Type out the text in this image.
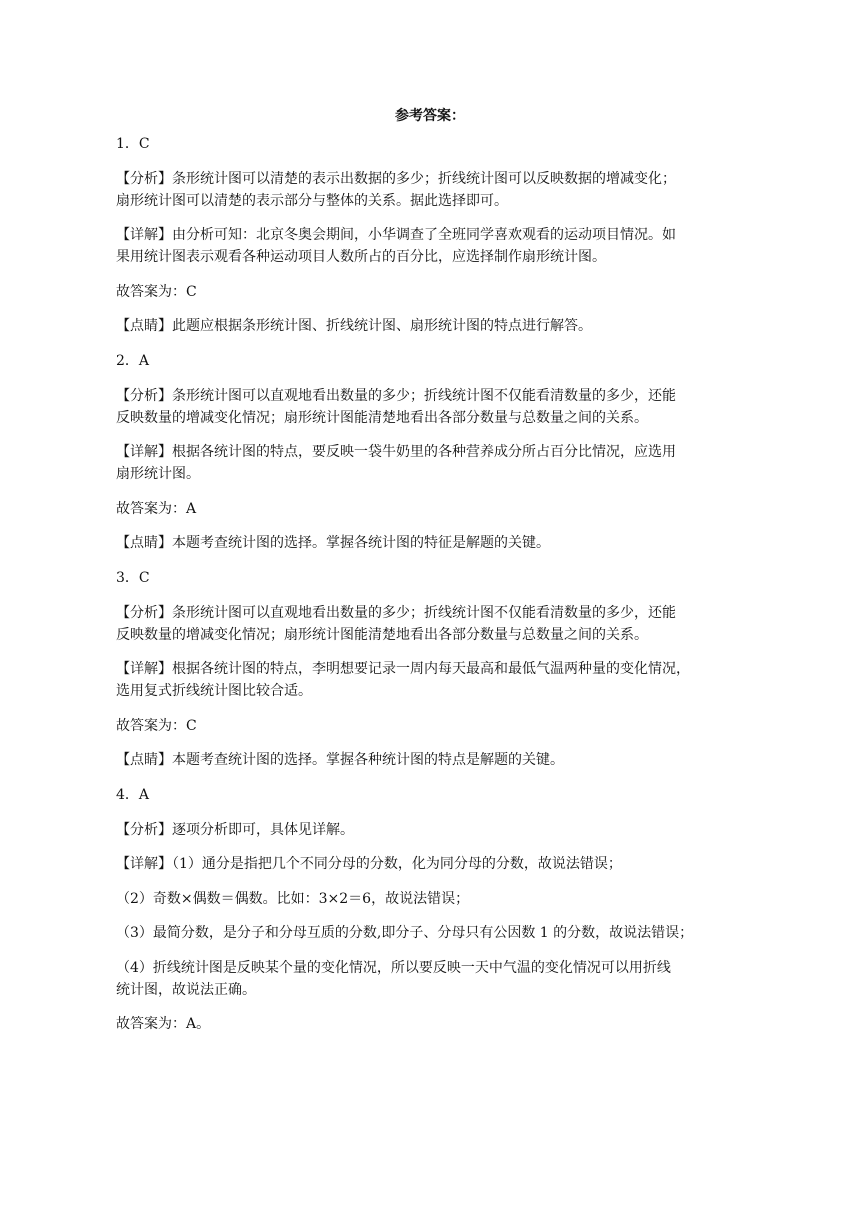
参考答案：
1．C
【分析】条形统计图可以清楚的表示出数据的多少；折线统计图可以反映数据的增减变化；
扇形统计图可以清楚的表示部分与整体的关系。据此选择即可。
【详解】由分析可知：北京冬奥会期间，小华调查了全班同学喜欢观看的运动项目情况。如
果用统计图表示观看各种运动项目人数所占的百分比，应选择制作扇形统计图。
故答案为：C
【点睛】此题应根据条形统计图、折线统计图、扇形统计图的特点进行解答。
2．A
【分析】条形统计图可以直观地看出数量的多少；折线统计图不仅能看清数量的多少，还能
反映数量的增减变化情况；扇形统计图能清楚地看出各部分数量与总数量之间的关系。
【详解】根据各统计图的特点，要反映一袋牛奶里的各种营养成分所占百分比情况，应选用
扇形统计图。
故答案为：A
【点睛】本题考查统计图的选择。掌握各统计图的特征是解题的关键。
3．C
【分析】条形统计图可以直观地看出数量的多少；折线统计图不仅能看清数量的多少，还能
反映数量的增减变化情况；扇形统计图能清楚地看出各部分数量与总数量之间的关系。
【详解】根据各统计图的特点，李明想要记录一周内每天最高和最低气温两种量的变化情况，
选用复式折线统计图比较合适。
故答案为：C
【点睛】本题考查统计图的选择。掌握各种统计图的特点是解题的关键。
4．A
【分析】逐项分析即可，具体见详解。
【详解】（1）通分是指把几个不同分母的分数，化为同分母的分数，故说法错误；
（2）奇数×偶数＝偶数。比如：3×2＝6，故说法错误；
（3）最简分数，是分子和分母互质的分数,即分子、分母只有公因数 1 的分数，故说法错误；
（4）折线统计图是反映某个量的变化情况，所以要反映一天中气温的变化情况可以用折线
统计图，故说法正确。
故答案为：A。
